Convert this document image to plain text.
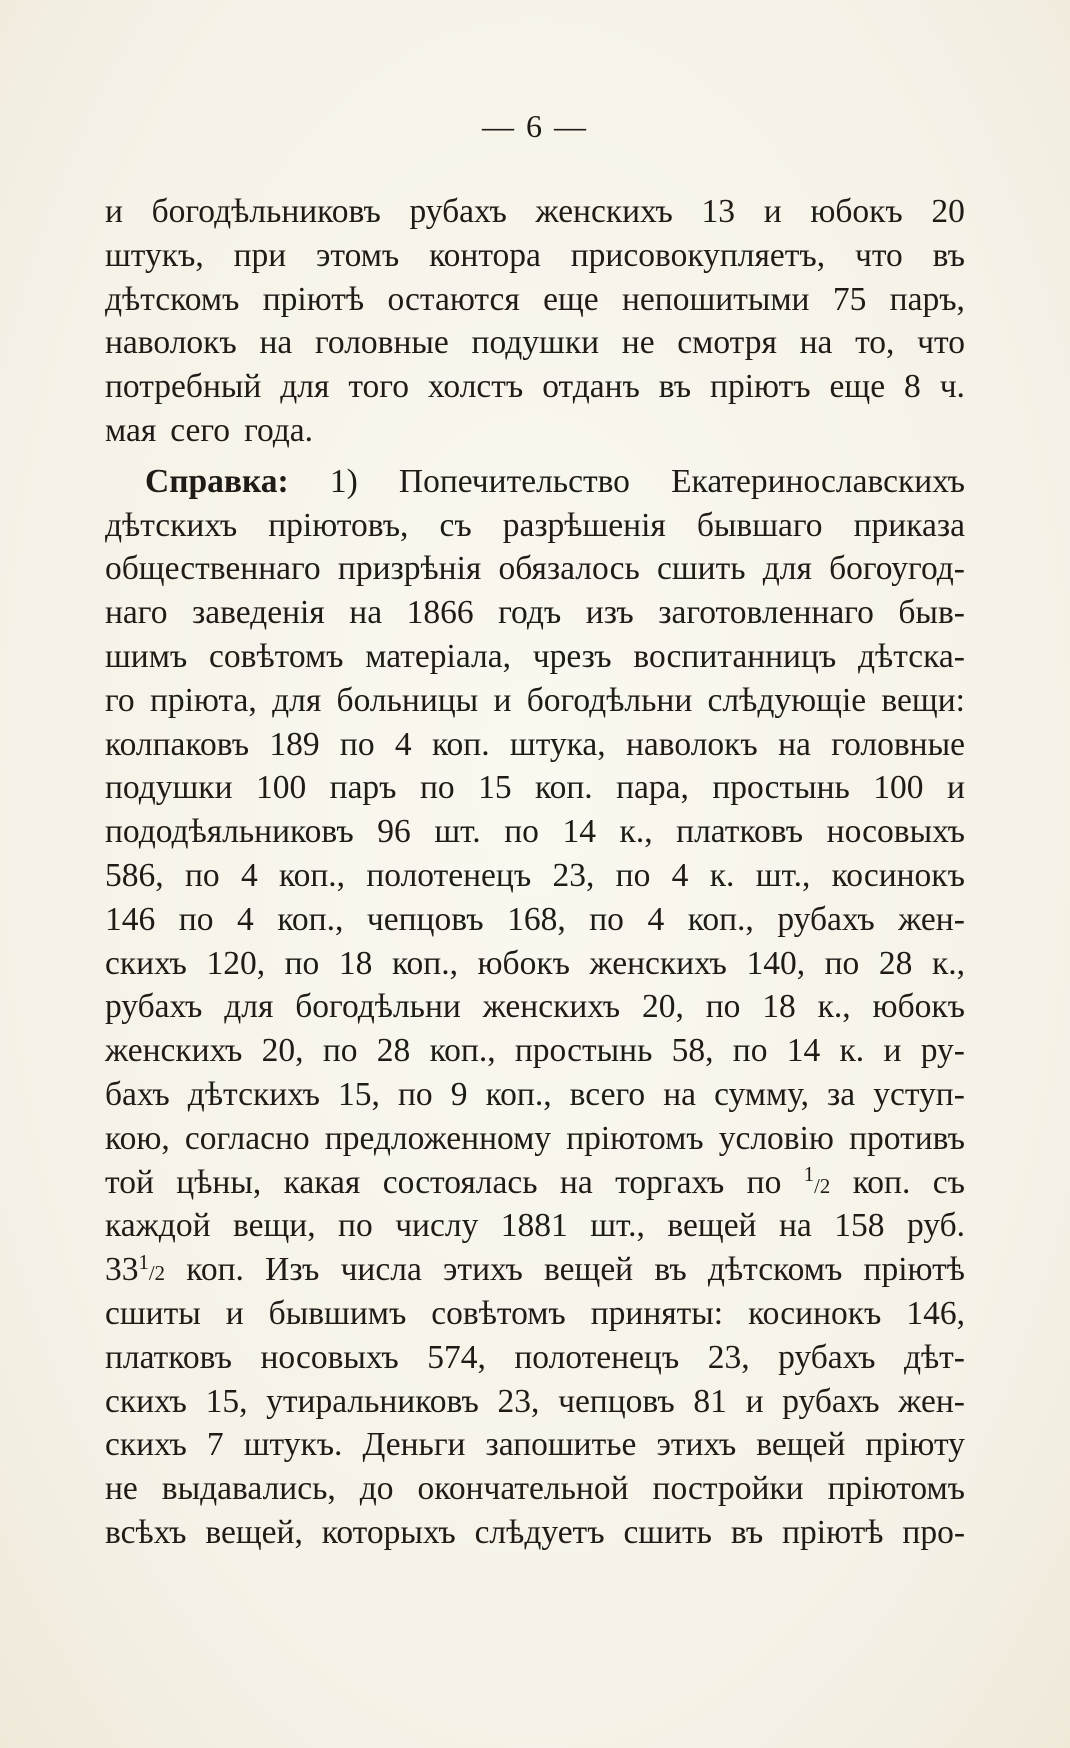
— 6 —
и богодѣльниковъ рубахъ женскихъ 13 и юбокъ 20
штукъ, при этомъ контора присовокупляетъ, что въ
дѣтскомъ пріютѣ остаются еще непошитыми 75 паръ,
наволокъ на головные подушки не смотря на то, что
потребный для того холстъ отданъ въ пріютъ еще 8 ч.
мая сего года.
Справка: 1) Попечительство Екатеринославскихъ
дѣтскихъ пріютовъ, съ разрѣшенія бывшаго приказа
общественнаго призрѣнія обязалось сшить для богоугод-
наго заведенія на 1866 годъ изъ заготовленнаго быв-
шимъ совѣтомъ матеріала, чрезъ воспитанницъ дѣтска-
го пріюта, для больницы и богодѣльни слѣдующіе вещи:
колпаковъ 189 по 4 коп. штука, наволокъ на головные
подушки 100 паръ по 15 коп. пара, простынь 100 и
пододѣяльниковъ 96 шт. по 14 к., платковъ носовыхъ
586, по 4 коп., полотенецъ 23, по 4 к. шт., косинокъ
146 по 4 коп., чепцовъ 168, по 4 коп., рубахъ жен-
скихъ 120, по 18 коп., юбокъ женскихъ 140, по 28 к.,
рубахъ для богодѣльни женскихъ 20, по 18 к., юбокъ
женскихъ 20, по 28 коп., простынь 58, по 14 к. и ру-
бахъ дѣтскихъ 15, по 9 коп., всего на сумму, за уступ-
кою, согласно предложенному пріютомъ условію противъ
той цѣны, какая состоялась на торгахъ по 1/2 коп. съ
каждой вещи, по числу 1881 шт., вещей на 158 руб.
331/2 коп. Изъ числа этихъ вещей въ дѣтскомъ пріютѣ
сшиты и бывшимъ совѣтомъ приняты: косинокъ 146,
платковъ носовыхъ 574, полотенецъ 23, рубахъ дѣт-
скихъ 15, утиральниковъ 23, чепцовъ 81 и рубахъ жен-
скихъ 7 штукъ. Деньги запошитье этихъ вещей пріюту
не выдавались, до окончательной постройки пріютомъ
всѣхъ вещей, которыхъ слѣдуетъ сшить въ пріютѣ про-
